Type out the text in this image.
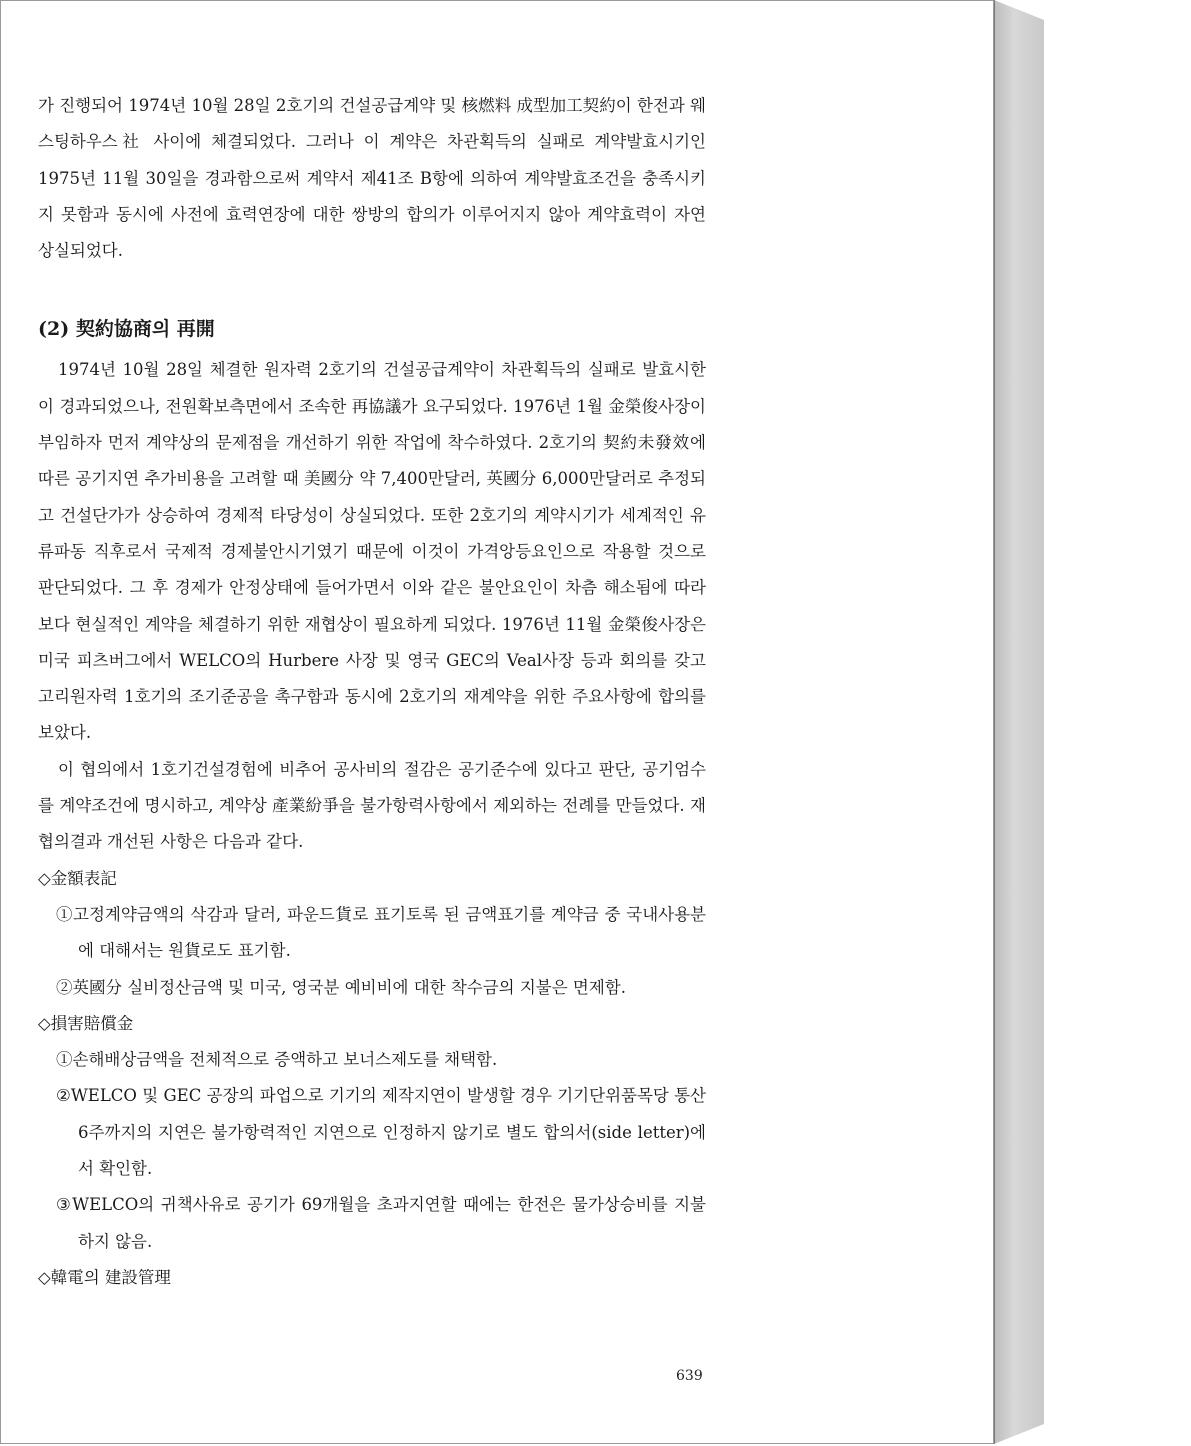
가 진행되어 1974년 10월 28일 2호기의 건설공급계약 및 核燃料 成型加工契約이 한전과 웨스팅하우스社 사이에 체결되었다. 그러나 이 계약은 차관획득의 실패로 계약발효시기인 1975년 11월 30일을 경과함으로써 계약서 제41조 B항에 의하여 계약발효조건을 충족시키지 못함과 동시에 사전에 효력연장에 대한 쌍방의 합의가 이루어지지 않아 계약효력이 자연 상실되었다.

(2) 契約協商의 再開

1974년 10월 28일 체결한 원자력 2호기의 건설공급계약이 차관획득의 실패로 발효시한이 경과되었으나, 전원확보측면에서 조속한 再協議가 요구되었다. 1976년 1월 金榮俊사장이 부임하자 먼저 계약상의 문제점을 개선하기 위한 작업에 착수하였다. 2호기의 契約未發效에 따른 공기지연 추가비용을 고려할 때 美國分 약 7,400만달러, 英國分 6,000만달러로 추정되고 건설단가가 상승하여 경제적 타당성이 상실되었다. 또한 2호기의 계약시기가 세계적인 유류파동 직후로서 국제적 경제불안시기였기 때문에 이것이 가격앙등요인으로 작용할 것으로 판단되었다. 그 후 경제가 안정상태에 들어가면서 이와 같은 불안요인이 차츰 해소됨에 따라 보다 현실적인 계약을 체결하기 위한 재협상이 필요하게 되었다. 1976년 11월 金榮俊사장은 미국 피츠버그에서 WELCO의 Hurbere 사장 및 영국 GEC의 Veal사장 등과 회의를 갖고 고리원자력 1호기의 조기준공을 촉구함과 동시에 2호기의 재계약을 위한 주요사항에 합의를 보았다.

이 협의에서 1호기건설경험에 비추어 공사비의 절감은 공기준수에 있다고 판단, 공기엄수를 계약조건에 명시하고, 계약상 產業紛爭을 불가항력사항에서 제외하는 전례를 만들었다. 재협의결과 개선된 사항은 다음과 같다.

◇金額表記
①고정계약금액의 삭감과 달러, 파운드貨로 표기토록 된 금액표기를 계약금 중 국내사용분에 대해서는 원貨로도 표기함.
②英國分 실비정산금액 및 미국, 영국분 예비비에 대한 착수금의 지불은 면제함.
◇損害賠償金
①손해배상금액을 전체적으로 증액하고 보너스제도를 채택함.
②WELCO 및 GEC 공장의 파업으로 기기의 제작지연이 발생할 경우 기기단위품목당 통산 6주까지의 지연은 불가항력적인 지연으로 인정하지 않기로 별도 합의서(side letter)에서 확인함.
③WELCO의 귀책사유로 공기가 69개월을 초과지연할 때에는 한전은 물가상승비를 지불하지 않음.
◇韓電의 建設管理
639
